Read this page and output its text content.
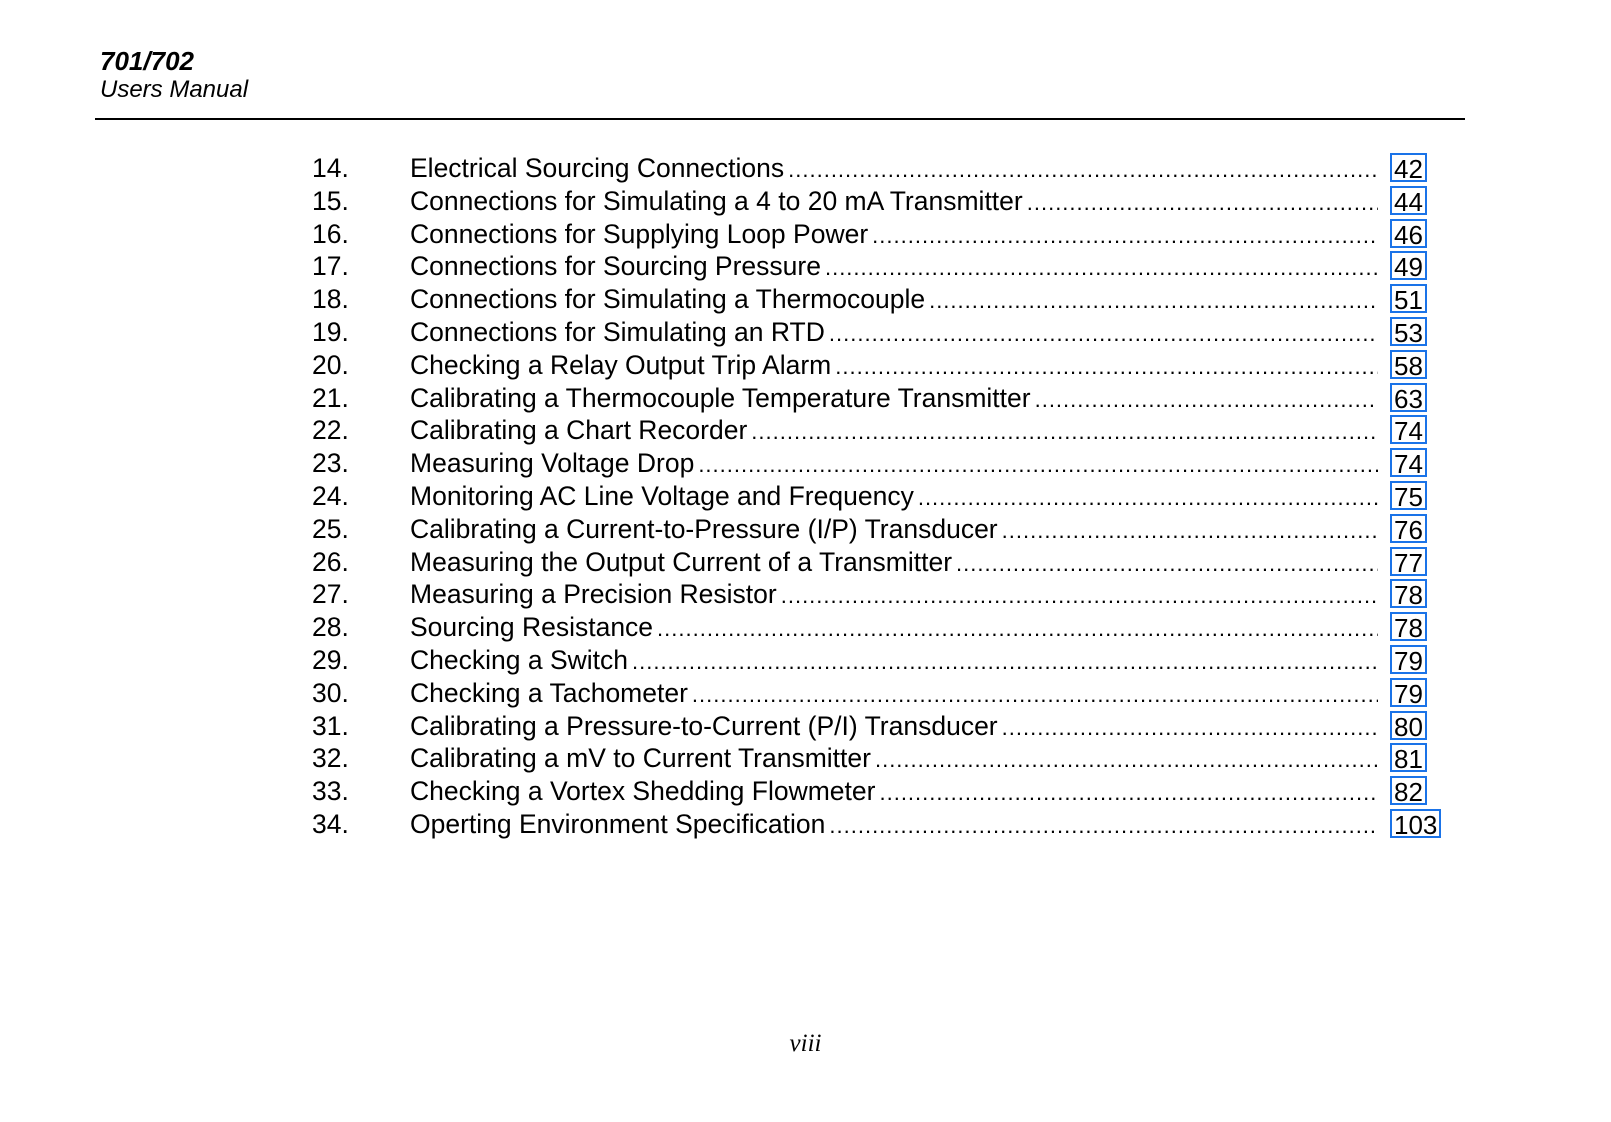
701/702
Users Manual
14. Electrical Sourcing Connections .....	42
15. Connections for Simulating a 4 to 20 mA Transmitter .....	44
16. Connections for Supplying Loop Power .....	46
17. Connections for Sourcing Pressure .....	49
18. Connections for Simulating a Thermocouple .....	51
19. Connections for Simulating an RTD .....	53
20. Checking a Relay Output Trip Alarm .....	58
21. Calibrating a Thermocouple Temperature Transmitter .....	63
22. Calibrating a Chart Recorder .....	74
23. Measuring Voltage Drop .....	74
24. Monitoring AC Line Voltage and Frequency .....	75
25. Calibrating a Current-to-Pressure (I/P) Transducer .....	76
26. Measuring the Output Current of a Transmitter .....	77
27. Measuring a Precision Resistor .....	78
28. Sourcing Resistance .....	78
29. Checking a Switch .....	79
30. Checking a Tachometer .....	79
31. Calibrating a Pressure-to-Current (P/I) Transducer .....	80
32. Calibrating a mV to Current Transmitter .....	81
33. Checking a Vortex Shedding Flowmeter .....	82
34. Operting Environment Specification .....	103
viii
